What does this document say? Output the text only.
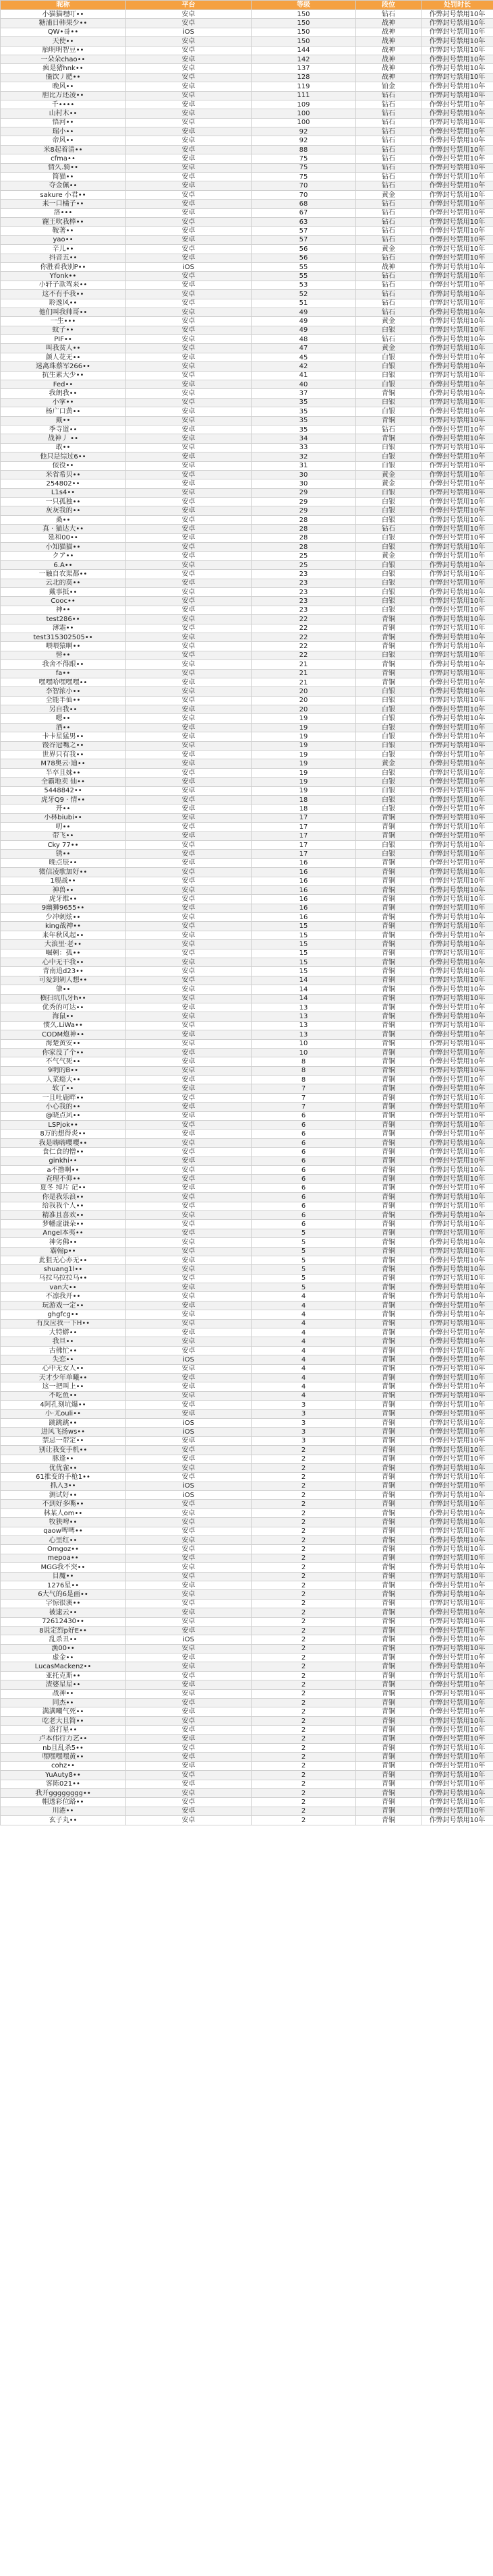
昵称	平台	等级	段位	处罚时长
小猫猫哩叮••	安卓	150	钻石	作弊封号禁用10年
糖浦日韩果少••	安卓	150	战神	作弊封号禁用10年
QW•哥••	iOS	150	战神	作弊封号禁用10年
天使••	安卓	150	战神	作弊封号禁用10年
胎明明智豆••	安卓	144	战神	作弊封号禁用10年
一朵朵chao••	安卓	142	战神	作弊封号禁用10年
疯是猪hnk••	安卓	137	战神	作弊封号禁用10年
僵饮丿肥••	安卓	128	战神	作弊封号禁用10年
晚风••	安卓	119	铂金	作弊封号禁用10年
胆比万还凌••	安卓	111	钻石	作弊封号禁用10年
千••••	安卓	109	钻石	作弊封号禁用10年
山村木••	安卓	100	钻石	作弊封号禁用10年
悟河••	安卓	100	钻石	作弊封号禁用10年
瑞小••	安卓	92	钻石	作弊封号禁用10年
帝风••	安卓	92	钻石	作弊封号禁用10年
米8起着清••	安卓	88	钻石	作弊封号禁用10年
cfma••	安卓	75	钻石	作弊封号禁用10年
情久.骑••	安卓	75	钻石	作弊封号禁用10年
简猫••	安卓	75	钻石	作弊封号禁用10年
夺金佩••	安卓	70	钻石	作弊封号禁用10年
sakure 小君••	安卓	70	黄金	作弊封号禁用10年
来一口橘子••	安卓	68	钻石	作弊封号禁用10年
洛•••	安卓	67	钻石	作弊封号禁用10年
寵王吹我棒••	安卓	63	钻石	作弊封号禁用10年
鞍著••	安卓	57	钻石	作弊封号禁用10年
yao••	安卓	57	钻石	作弊封号禁用10年
辛儿••	安卓	56	黄金	作弊封号禁用10年
抖音五••	安卓	56	钻石	作弊封号禁用10年
你胜看我别P••	iOS	55	战神	作弊封号禁用10年
Yfonk••	安卓	55	钻石	作弊封号禁用10年
小轩子款驾来••	安卓	53	钻石	作弊封号禁用10年
这不有手我••	安卓	52	钻石	作弊封号禁用10年
聆逸风••	安卓	51	钻石	作弊封号禁用10年
他们叫我帅哥••	安卓	49	钻石	作弊封号禁用10年
一生•••	安卓	49	黄金	作弊封号禁用10年
蚊子••	安卓	49	白银	作弊封号禁用10年
PIF••	安卓	48	钻石	作弊封号禁用10年
叫我贫人••	安卓	47	黄金	作弊封号禁用10年
颜人花无••	安卓	45	白银	作弊封号禁用10年
迷离珠蔡军266••	安卓	42	白银	作弊封号禁用10年
抗生素大少••	安卓	41	白银	作弊封号禁用10年
Fed••	安卓	40	白银	作弊封号禁用10年
我朗我••	安卓	37	青铜	作弊封号禁用10年
小掌••	安卓	35	白银	作弊封号禁用10年
杨广口黄••	安卓	35	白银	作弊封号禁用10年
戴••	安卓	35	青铜	作弊封号禁用10年
季寺道••	安卓	35	钻石	作弊封号禁用10年
战神丿 ••	安卓	34	青铜	作弊封号禁用10年
敢••	安卓	33	白银	作弊封号禁用10年
他只是综过6••	安卓	32	白银	作弊封号禁用10年
佞役••	安卓	31	白银	作弊封号禁用10年
米省希贝••	安卓	30	黄金	作弊封号禁用10年
254802••	安卓	30	黄金	作弊封号禁用10年
L1s4••	安卓	29	白银	作弊封号禁用10年
一只孤独••	安卓	29	白银	作弊封号禁用10年
灰灰我的••	安卓	29	白银	作弊封号禁用10年
桑••	安卓	28	白银	作弊封号禁用10年
真 · 猫达大••	安卓	28	钻石	作弊封号禁用10年
延和00••	安卓	28	白银	作弊封号禁用10年
小知猫猫••	安卓	28	白银	作弊封号禁用10年
クア••	安卓	25	黄金	作弊封号禁用10年
6.A••	安卓	25	白银	作弊封号禁用10年
一触自农渠都••	安卓	23	白银	作弊封号禁用10年
云北的莫••	安卓	23	白银	作弊封号禁用10年
戴事抵••	安卓	23	白银	作弊封号禁用10年
Cooc••	安卓	23	白银	作弊封号禁用10年
神••	安卓	23	白银	作弊封号禁用10年
test286••	安卓	22	青铜	作弊封号禁用10年
薄霜••	安卓	22	青铜	作弊封号禁用10年
test315302505••	安卓	22	青铜	作弊封号禁用10年
喂喂猿啊••	安卓	22	青铜	作弊封号禁用10年
髻••	安卓	22	白银	作弊封号禁用10年
我舍不得跟••	安卓	21	青铜	作弊封号禁用10年
fa••	安卓	21	青铜	作弊封号禁用10年
嘿嘿哈嘿嘿嘿••	安卓	21	青铜	作弊封号禁用10年
李智浓小••	安卓	20	白银	作弊封号禁用10年
全能半仙••	安卓	20	白银	作弊封号禁用10年
另自我••	安卓	20	白银	作弊封号禁用10年
嗯••	安卓	19	白银	作弊封号禁用10年
酒••	安卓	19	白银	作弊封号禁用10年
卡卡星猛男••	安卓	19	白银	作弊封号禁用10年
馒谷冠嘴之••	安卓	19	白银	作弊封号禁用10年
世界只有我••	安卓	19	白银	作弊封号禁用10年
M78奥云·迪••	安卓	19	黄金	作弊封号禁用10年
半卒且妹••	安卓	19	白银	作弊封号禁用10年
全霸地卖 仙••	安卓	19	白银	作弊封号禁用10年
5448842••	安卓	19	白银	作弊封号禁用10年
虎牙Q9 · 情••	安卓	18	白银	作弊封号禁用10年
开••	安卓	18	白银	作弊封号禁用10年
小林biubi••	安卓	17	青铜	作弊封号禁用10年
叨••	安卓	17	青铜	作弊封号禁用10年
带飞••	安卓	17	青铜	作弊封号禁用10年
Cky 77••	安卓	17	白银	作弊封号禁用10年
锈••	安卓	17	白银	作弊封号禁用10年
晚点辰••	安卓	16	青铜	作弊封号禁用10年
微信凌歌加好••	安卓	16	青铜	作弊封号禁用10年
1舰战••	安卓	16	青铜	作弊封号禁用10年
神兽••	安卓	16	青铜	作弊封号禁用10年
虎牙维••	安卓	16	青铜	作弊封号禁用10年
9幽狮9655••	安卓	16	青铜	作弊封号禁用10年
少冲刺炫••	安卓	16	青铜	作弊封号禁用10年
king战神••	安卓	15	青铜	作弊封号禁用10年
来年秋风起••	安卓	15	青铜	作弊封号禁用10年
大浪里·老••	安卓	15	青铜	作弊封号禁用10年
崛剩：孤••	安卓	15	青铜	作弊封号禁用10年
心中无干我••	安卓	15	青铜	作弊封号禁用10年
青南追d23••	安卓	15	青铜	作弊封号禁用10年
可爱到剁人想••	安卓	14	青铜	作弊封号禁用10年
肇••	安卓	14	青铜	作弊封号禁用10年
横扫坑爪牙h••	安卓	14	青铜	作弊封号禁用10年
优秀的可达••	安卓	13	青铜	作弊封号禁用10年
海鼠••	安卓	13	青铜	作弊封号禁用10年
惯久.LiWa••	安卓	13	青铜	作弊封号禁用10年
CODM炮神••	安卓	13	青铜	作弊封号禁用10年
海楚黄安••	安卓	10	青铜	作弊封号禁用10年
你家没了个••	安卓	10	青铜	作弊封号禁用10年
不气气死••	安卓	8	青铜	作弊封号禁用10年
9明的B••	安卓	8	青铜	作弊封号禁用10年
人菜瘾大••	安卓	8	青铜	作弊封号禁用10年
软了••	安卓	7	青铜	作弊封号禁用10年
一且吐鹿畔••	安卓	7	青铜	作弊封号禁用10年
小心我的••	安卓	7	青铜	作弊封号禁用10年
@晓点风••	安卓	6	青铜	作弊封号禁用10年
LSPjok••	安卓	6	青铜	作弊封号禁用10年
8万的想得炎••	安卓	6	青铜	作弊封号禁用10年
我是嗨嗨嘤嘤••	安卓	6	青铜	作弊封号禁用10年
食仁食的憎••	安卓	6	青铜	作弊封号禁用10年
ginkhi••	安卓	6	青铜	作弊封号禁用10年
a不撸啊••	安卓	6	青铜	作弊封号禁用10年
查理不仰••	安卓	6	青铜	作弊封号禁用10年
夏冬 绰片 记••	安卓	6	青铜	作弊封号禁用10年
你是我乐浪••	安卓	6	青铜	作弊封号禁用10年
给我我个人••	安卓	6	青铜	作弊封号禁用10年
精准且喜欢••	安卓	6	青铜	作弊封号禁用10年
梦幡虚谦朵••	安卓	6	青铜	作弊封号禁用10年
Angel本夷••	安卓	5	青铜	作弊封号禁用10年
神劣佛••	安卓	5	青铜	作弊封号禁用10年
霸翰p••	安卓	5	青铜	作弊封号禁用10年
此狙无心亦无••	安卓	5	青铜	作弊封号禁用10年
shuang1l••	安卓	5	青铜	作弊封号禁用10年
乌拉乌拉拉乌••	安卓	5	青铜	作弊封号禁用10年
van大••	安卓	5	青铜	作弊封号禁用10年
不凛我开••	安卓	4	青铜	作弊封号禁用10年
玩游戏一定••	安卓	4	青铜	作弊封号禁用10年
ghgfcg••	安卓	4	青铜	作弊封号禁用10年
有反应我一下H••	安卓	4	青铜	作弊封号禁用10年
大特蟒••	安卓	4	青铜	作弊封号禁用10年
我旦••	安卓	4	青铜	作弊封号禁用10年
古佛忙••	安卓	4	青铜	作弊封号禁用10年
失恋••	iOS	4	青铜	作弊封号禁用10年
心中无女人••	安卓	4	青铜	作弊封号禁用10年
天才少年单曦••	安卓	4	青铜	作弊封号禁用10年
这一把叫上••	安卓	4	青铜	作弊封号禁用10年
不吃鱼••	安卓	4	青铜	作弊封号禁用10年
4阿孔刻坑爆••	安卓	3	青铜	作弊封号禁用10年
小·尤ouli••	安卓	3	青铜	作弊封号禁用10年
跳跳跳••	iOS	3	青铜	作弊封号禁用10年
进风飞扬ws••	iOS	3	青铜	作弊封号禁用10年
禁忌一带定••	安卓	3	青铜	作弊封号禁用10年
别让我变手机••	安卓	2	青铜	作弊封号禁用10年
豚逢••	安卓	2	青铜	作弊封号禁用10年
优优雀••	安卓	2	青铜	作弊封号禁用10年
61推变的手枪1••	安卓	2	青铜	作弊封号禁用10年
抓入3••	iOS	2	青铜	作弊封号禁用10年
测试好••	iOS	2	青铜	作弊封号禁用10年
不到好多嘴••	安卓	2	青铜	作弊封号禁用10年
林某人om••	安卓	2	青铜	作弊封号禁用10年
牧狭啤••	安卓	2	青铜	作弊封号禁用10年
qaow啤啤••	安卓	2	青铜	作弊封号禁用10年
心里红••	安卓	2	青铜	作弊封号禁用10年
Omgoz••	安卓	2	青铜	作弊封号禁用10年
mepoa••	安卓	2	青铜	作弊封号禁用10年
MGG我不突••	安卓	2	青铜	作弊封号禁用10年
目魔••	安卓	2	青铜	作弊封号禁用10年
1276星••	安卓	2	青铜	作弊封号禁用10年
6大气的6是画••	安卓	2	青铜	作弊封号禁用10年
字惊很溪••	安卓	2	青铜	作弊封号禁用10年
被逮云••	安卓	2	青铜	作弊封号禁用10年
72612430••	安卓	2	青铜	作弊封号禁用10年
8说定烈p好E••	安卓	2	青铜	作弊封号禁用10年
乱杀丑••	iOS	2	青铜	作弊封号禁用10年
漁00••	安卓	2	青铜	作弊封号禁用10年
虚金••	安卓	2	青铜	作弊封号禁用10年
LucasMackenz••	安卓	2	青铜	作弊封号禁用10年
亚托克斯••	安卓	2	青铜	作弊封号禁用10年
渣婆星星••	安卓	2	青铜	作弊封号禁用10年
战神••	安卓	2	青铜	作弊封号禁用10年
同杰••	安卓	2	青铜	作弊封号禁用10年
满满嘲气死••	安卓	2	青铜	作弊封号禁用10年
吃老大且简••	安卓	2	青铜	作弊封号禁用10年
洛打星••	安卓	2	青铜	作弊封号禁用10年
卢本伟行力艺••	安卓	2	青铜	作弊封号禁用10年
nb且乱杀5••	安卓	2	青铜	作弊封号禁用10年
嘿嘿嘿嘿黄••	安卓	2	青铜	作弊封号禁用10年
cohz••	安卓	2	青铜	作弊封号禁用10年
YuAuty8••	安卓	2	青铜	作弊封号禁用10年
客陈021••	安卓	2	青铜	作弊封号禁用10年
我开gggggggg••	安卓	2	青铜	作弊封号禁用10年
帽透彩位路••	安卓	2	青铜	作弊封号禁用10年
川港••	安卓	2	青铜	作弊封号禁用10年
玄子丸••	安卓	2	青铜	作弊封号禁用10年
